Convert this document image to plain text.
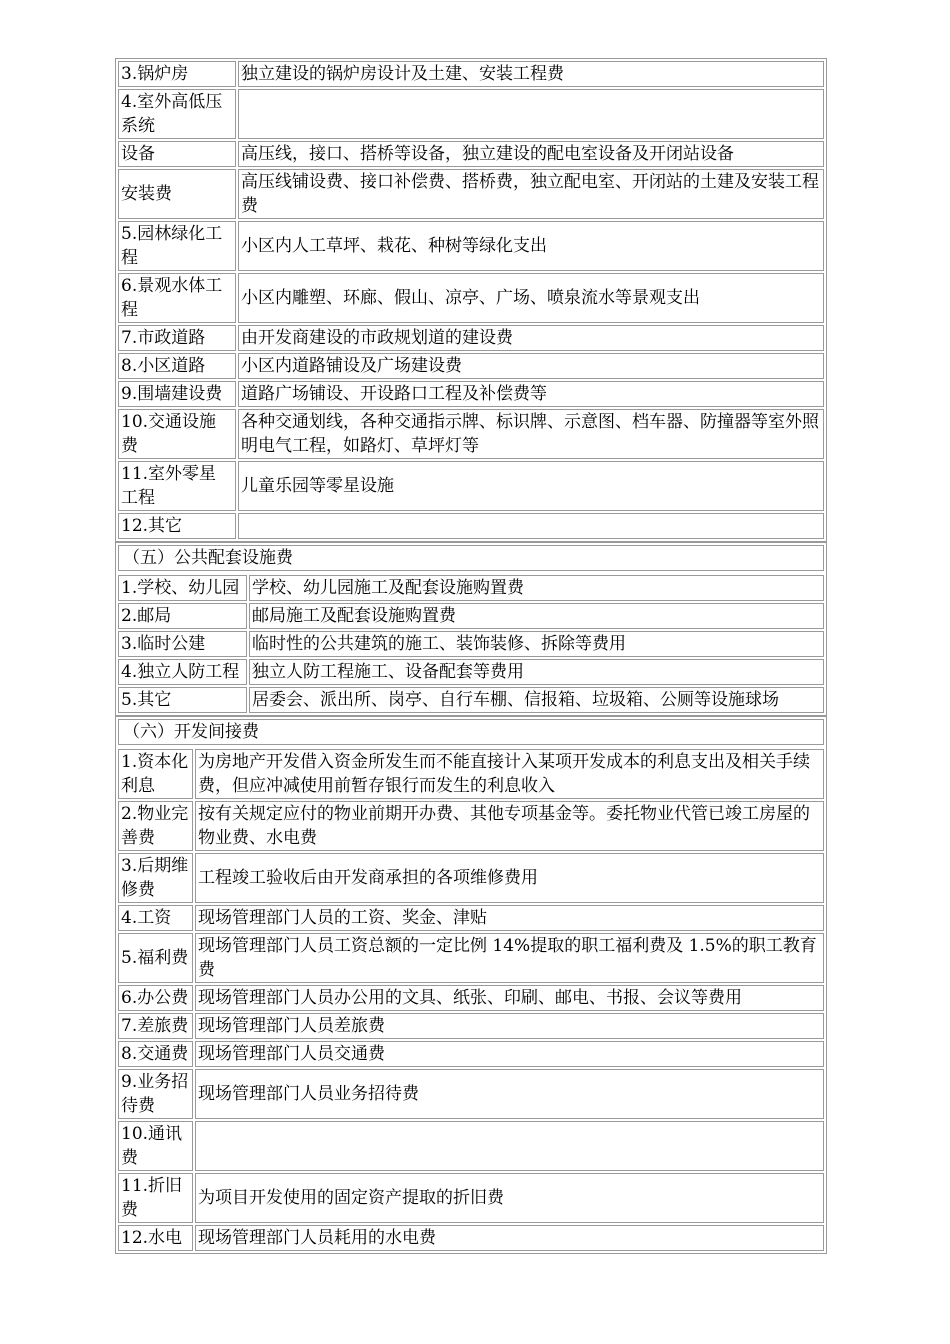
3.锅炉房	独立建设的锅炉房设计及土建、安装工程费
4.室外高低压系统	
设备	高压线，接口、搭桥等设备，独立建设的配电室设备及开闭站设备
安装费	高压线铺设费、接口补偿费、搭桥费，独立配电室、开闭站的土建及安装工程费
5.园林绿化工程	小区内人工草坪、栽花、种树等绿化支出
6.景观水体工程	小区内雕塑、环廊、假山、凉亭、广场、喷泉流水等景观支出
7.市政道路	由开发商建设的市政规划道的建设费
8.小区道路	小区内道路铺设及广场建设费
9.围墙建设费	道路广场铺设、开设路口工程及补偿费等
10.交通设施费	各种交通划线，各种交通指示牌、标识牌、示意图、档车器、防撞器等室外照明电气工程，如路灯、草坪灯等
11.室外零星工程	儿童乐园等零星设施
12.其它	
（五）公共配套设施费
1.学校、幼儿园	学校、幼儿园施工及配套设施购置费
2.邮局	邮局施工及配套设施购置费
3.临时公建	临时性的公共建筑的施工、装饰装修、拆除等费用
4.独立人防工程	独立人防工程施工、设备配套等费用
5.其它	居委会、派出所、岗亭、自行车棚、信报箱、垃圾箱、公厕等设施球场
（六）开发间接费
1.资本化利息	为房地产开发借入资金所发生而不能直接计入某项开发成本的利息支出及相关手续费，但应冲减使用前暂存银行而发生的利息收入
2.物业完善费	按有关规定应付的物业前期开办费、其他专项基金等。委托物业代管已竣工房屋的物业费、水电费
3.后期维修费	工程竣工验收后由开发商承担的各项维修费用
4.工资	现场管理部门人员的工资、奖金、津贴
5.福利费	现场管理部门人员工资总额的一定比例 14%提取的职工福利费及 1.5%的职工教育费
6.办公费	现场管理部门人员办公用的文具、纸张、印刷、邮电、书报、会议等费用
7.差旅费	现场管理部门人员差旅费
8.交通费	现场管理部门人员交通费
9.业务招待费	现场管理部门人员业务招待费
10.通讯费	
11.折旧费	为项目开发使用的固定资产提取的折旧费
12.水电	现场管理部门人员耗用的水电费
